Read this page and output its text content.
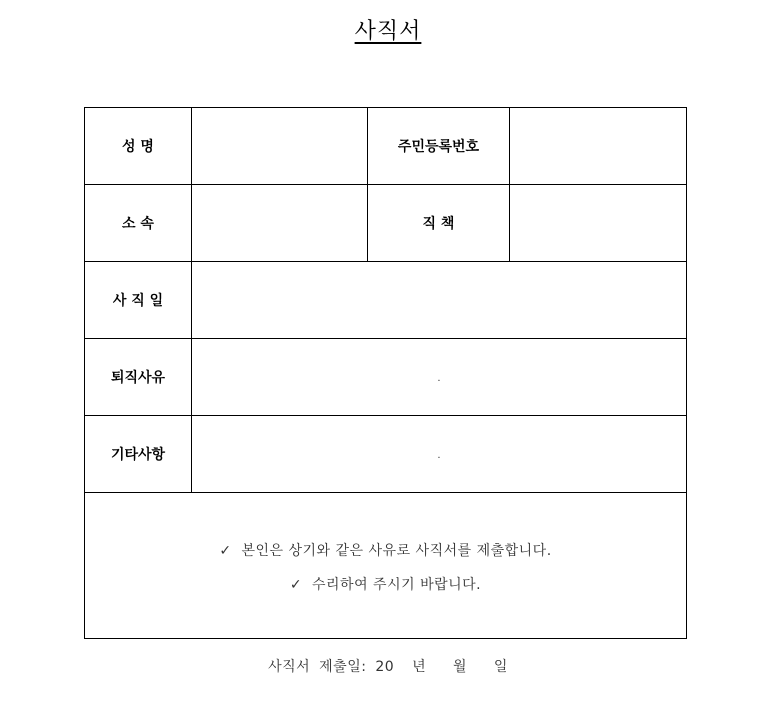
사직서
성 명		주민등록번호	
소 속		직 책	
사 직 일			
퇴직사유	.		
기타사항	.		

✓  본인은 상기와 같은 사유로 사직서를 제출합니다.
✓  수리하여 주시기 바랍니다.			
사직서 제출일: 20  년   월   일
